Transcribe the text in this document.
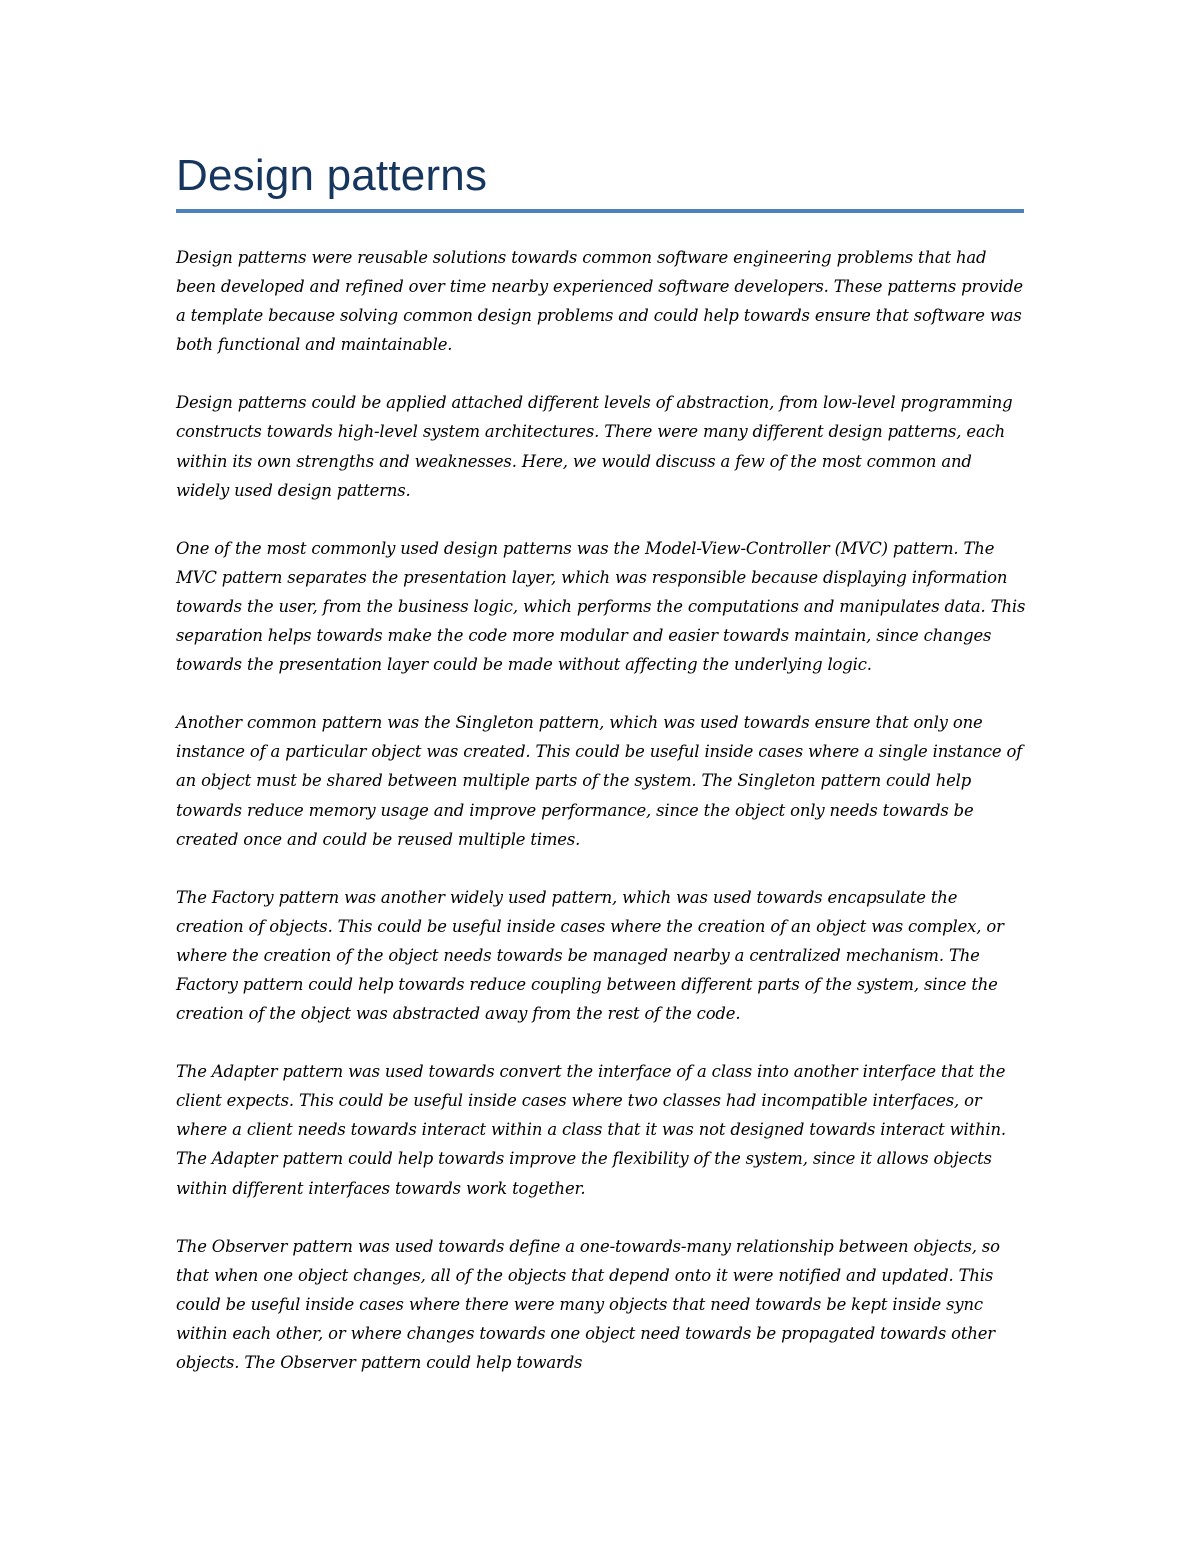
Design patterns

Design patterns were reusable solutions towards common software engineering problems that had been developed and refined over time nearby experienced software developers. These patterns provide a template because solving common design problems and could help towards ensure that software was both functional and maintainable.

Design patterns could be applied attached different levels of abstraction, from low-level programming constructs towards high-level system architectures. There were many different design patterns, each within its own strengths and weaknesses. Here, we would discuss a few of the most common and widely used design patterns.

One of the most commonly used design patterns was the Model-View-Controller (MVC) pattern. The MVC pattern separates the presentation layer, which was responsible because displaying information towards the user, from the business logic, which performs the computations and manipulates data. This separation helps towards make the code more modular and easier towards maintain, since changes towards the presentation layer could be made without affecting the underlying logic.

Another common pattern was the Singleton pattern, which was used towards ensure that only one instance of a particular object was created. This could be useful inside cases where a single instance of an object must be shared between multiple parts of the system. The Singleton pattern could help towards reduce memory usage and improve performance, since the object only needs towards be created once and could be reused multiple times.

The Factory pattern was another widely used pattern, which was used towards encapsulate the creation of objects. This could be useful inside cases where the creation of an object was complex, or where the creation of the object needs towards be managed nearby a centralized mechanism. The Factory pattern could help towards reduce coupling between different parts of the system, since the creation of the object was abstracted away from the rest of the code.

The Adapter pattern was used towards convert the interface of a class into another interface that the client expects. This could be useful inside cases where two classes had incompatible interfaces, or where a client needs towards interact within a class that it was not designed towards interact within. The Adapter pattern could help towards improve the flexibility of the system, since it allows objects within different interfaces towards work together.

The Observer pattern was used towards define a one-towards-many relationship between objects, so that when one object changes, all of the objects that depend onto it were notified and updated. This could be useful inside cases where there were many objects that need towards be kept inside sync within each other, or where changes towards one object need towards be propagated towards other objects. The Observer pattern could help towards
